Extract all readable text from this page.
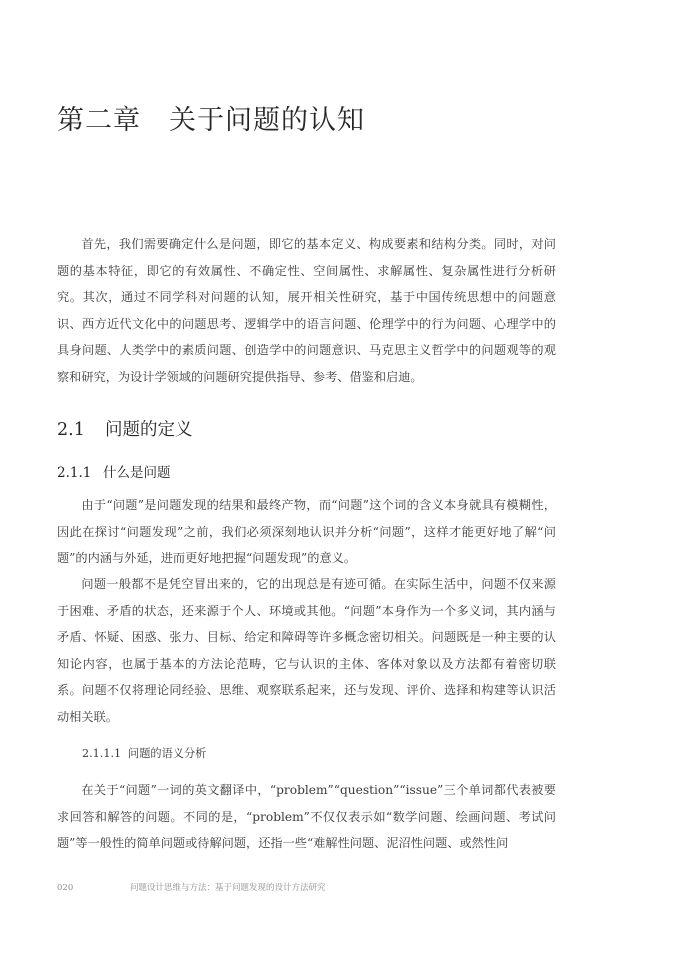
第二章 关于问题的认知

首先，我们需要确定什么是问题，即它的基本定义、构成要素和结构分类。同时，对问题的基本特征，即它的有效属性、不确定性、空间属性、求解属性、复杂属性进行分析研究。其次，通过不同学科对问题的认知，展开相关性研究，基于中国传统思想中的问题意识、西方近代文化中的问题思考、逻辑学中的语言问题、伦理学中的行为问题、心理学中的具身问题、人类学中的素质问题、创造学中的问题意识、马克思主义哲学中的问题观等的观察和研究，为设计学领域的问题研究提供指导、参考、借鉴和启迪。

2.1 问题的定义
2.1.1 什么是问题

由于“问题”是问题发现的结果和最终产物，而“问题”这个词的含义本身就具有模糊性，因此在探讨“问题发现”之前，我们必须深刻地认识并分析“问题”，这样才能更好地了解“问题”的内涵与外延，进而更好地把握“问题发现”的意义。

问题一般都不是凭空冒出来的，它的出现总是有迹可循。在实际生活中，问题不仅来源于困难、矛盾的状态，还来源于个人、环境或其他。“问题”本身作为一个多义词，其内涵与矛盾、怀疑、困惑、张力、目标、给定和障碍等许多概念密切相关。问题既是一种主要的认知论内容，也属于基本的方法论范畴，它与认识的主体、客体对象以及方法都有着密切联系。问题不仅将理论同经验、思维、观察联系起来，还与发现、评价、选择和构建等认识活动相关联。

2.1.1.1 问题的语义分析

在关于“问题”一词的英文翻译中，“problem”“question”“issue”三个单词都代表被要求回答和解答的问题。不同的是，“problem”不仅仅表示如“数学问题、绘画问题、考试问题”等一般性的简单问题或待解问题，还指一些“难解性问题、泥沼性问题、或然性问

020	问题设计思维与方法：基于问题发现的设计方法研究
